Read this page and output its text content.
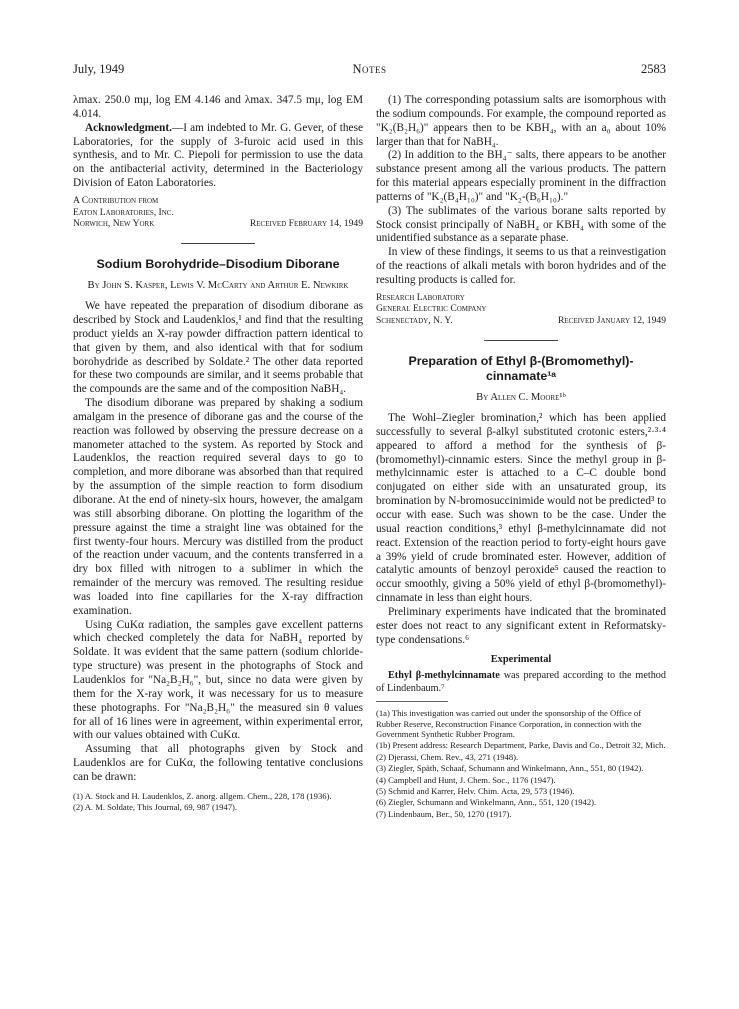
July, 1949	Notes	2583

λmax. 250.0 mμ, log EM 4.146 and λmax. 347.5 mμ, log EM 4.014.

Acknowledgment.—I am indebted to Mr. G. Gever, of these Laboratories, for the supply of 3-furoic acid used in this synthesis, and to Mr. C. Piepoli for permission to use the data on the antibacterial activity, determined in the Bacteriology Division of Eaton Laboratories.

A Contribution from
Eaton Laboratories, Inc.
Norwich, New York	Received February 14, 1949

Sodium Borohydride–Disodium Diborane

By John S. Kasper, Lewis V. McCarty and Arthur E. Newkirk

We have repeated the preparation of disodium diborane as described by Stock and Laudenklos,¹ and find that the resulting product yields an X-ray powder diffraction pattern identical to that given by them, and also identical with that for sodium borohydride as described by Soldate.² The other data reported for these two compounds are similar, and it seems probable that the compounds are the same and of the composition NaBH₄.

The disodium diborane was prepared by shaking a sodium amalgam in the presence of diborane gas and the course of the reaction was followed by observing the pressure decrease on a manometer attached to the system. As reported by Stock and Laudenklos, the reaction required several days to go to completion, and more diborane was absorbed than that required by the assumption of the simple reaction to form disodium diborane. At the end of ninety-six hours, however, the amalgam was still absorbing diborane. On plotting the logarithm of the pressure against the time a straight line was obtained for the first twenty-four hours. Mercury was distilled from the product of the reaction under vacuum, and the contents transferred in a dry box filled with nitrogen to a sublimer in which the remainder of the mercury was removed. The resulting residue was loaded into fine capillaries for the X-ray diffraction examination.

Using CuKα radiation, the samples gave excellent patterns which checked completely the data for NaBH₄ reported by Soldate. It was evident that the same pattern (sodium chloride-type structure) was present in the photographs of Stock and Laudenklos for "Na₂B₂H₆", but, since no data were given by them for the X-ray work, it was necessary for us to measure these photographs. For "Na₂B₂H₆" the measured sin θ values for all of 16 lines were in agreement, within experimental error, with our values obtained with CuKα.

Assuming that all photographs given by Stock and Laudenklos are for CuKα, the following tentative conclusions can be drawn:

(1) A. Stock and H. Laudenklos, Z. anorg. allgem. Chem., 228, 178 (1936).

(2) A. M. Soldate, This Journal, 69, 987 (1947).

(1) The corresponding potassium salts are isomorphous with the sodium compounds. For example, the compound reported as "K₂(B₂H₆)" appears then to be KBH₄, with an a₀ about 10% larger than that for NaBH₄.

(2) In addition to the BH₄⁻ salts, there appears to be another substance present among all the various products. The pattern for this material appears especially prominent in the diffraction patterns of "K₂(B₄H₁₀)" and "K₂-(B₆H₁₀)."

(3) The sublimates of the various borane salts reported by Stock consist principally of NaBH₄ or KBH₄ with some of the unidentified substance as a separate phase.

In view of these findings, it seems to us that a reinvestigation of the reactions of alkali metals with boron hydrides and of the resulting products is called for.

Research Laboratory
General Electric Company
Schenectady, N. Y.	Received January 12, 1949

Preparation of Ethyl β-(Bromomethyl)-cinnamate¹ᵃ

By Allen C. Moore¹ᵇ

The Wohl–Ziegler bromination,² which has been applied successfully to several β-alkyl substituted crotonic esters,²·³·⁴ appeared to afford a method for the synthesis of β-(bromomethyl)-cinnamic esters. Since the methyl group in β-methylcinnamic ester is attached to a C–C double bond conjugated on either side with an unsaturated group, its bromination by N-bromosuccinimide would not be predicted³ to occur with ease. Such was shown to be the case. Under the usual reaction conditions,³ ethyl β-methylcinnamate did not react. Extension of the reaction period to forty-eight hours gave a 39% yield of crude brominated ester. However, addition of catalytic amounts of benzoyl peroxide⁵ caused the reaction to occur smoothly, giving a 50% yield of ethyl β-(bromomethyl)-cinnamate in less than eight hours.

Preliminary experiments have indicated that the brominated ester does not react to any significant extent in Reformatsky-type condensations.⁶

Experimental

Ethyl β-methylcinnamate was prepared according to the method of Lindenbaum.⁷

(1a) This investigation was carried out under the sponsorship of the Office of Rubber Reserve, Reconstruction Finance Corporation, in connection with the Government Synthetic Rubber Program.

(1b) Present address: Research Department, Parke, Davis and Co., Detroit 32, Mich.

(2) Djerassi, Chem. Rev., 43, 271 (1948).

(3) Ziegler, Späth, Schaaf, Schumann and Winkelmann, Ann., 551, 80 (1942).

(4) Campbell and Hunt, J. Chem. Soc., 1176 (1947).

(5) Schmid and Karrer, Helv. Chim. Acta, 29, 573 (1946).

(6) Ziegler, Schumann and Winkelmann, Ann., 551, 120 (1942).

(7) Lindenbaum, Ber., 50, 1270 (1917).
